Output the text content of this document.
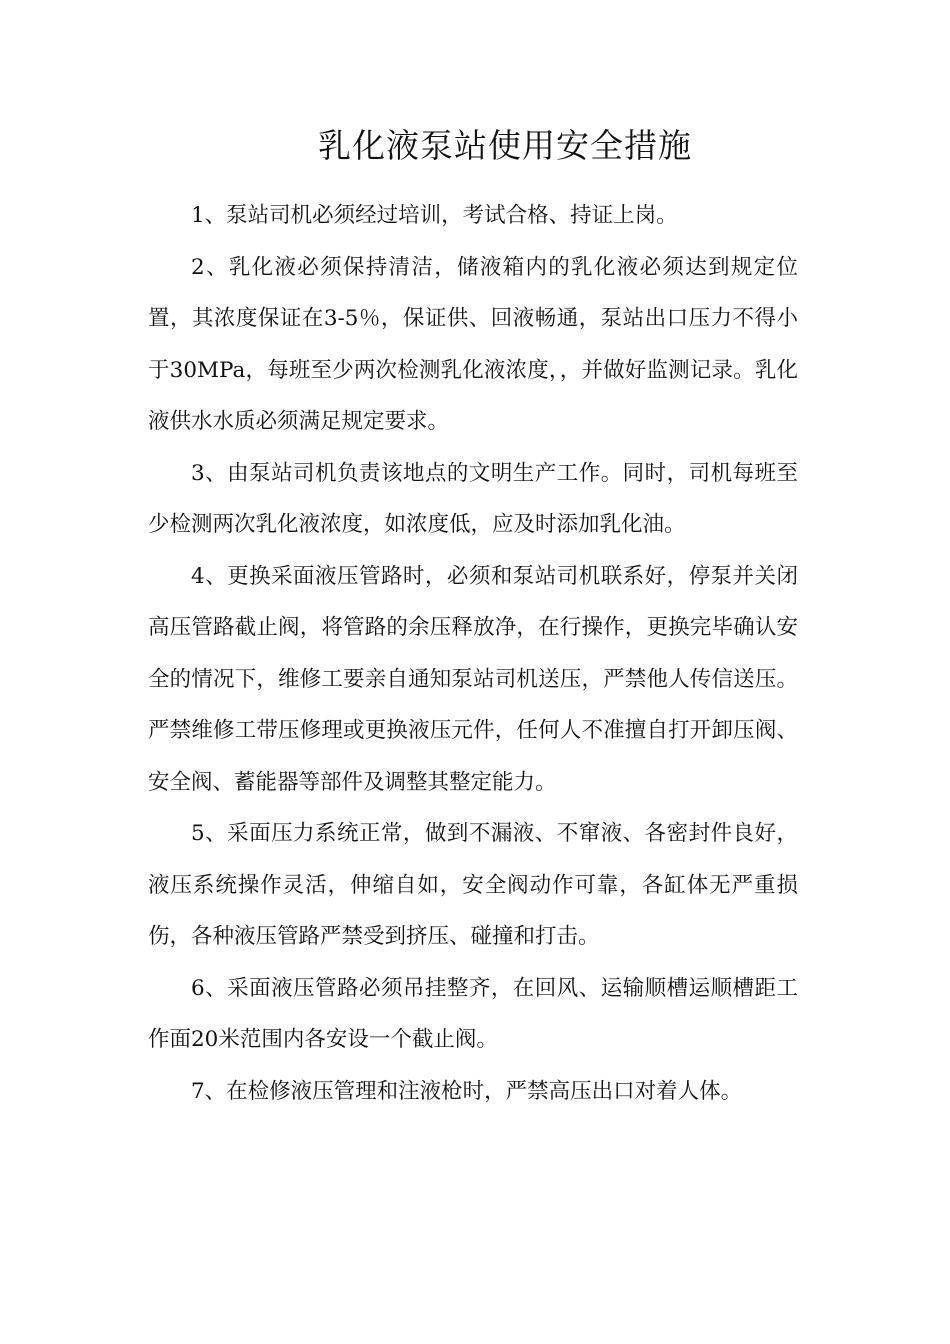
乳化液泵站使用安全措施

1、泵站司机必须经过培训，考试合格、持证上岗。

2、乳化液必须保持清洁，储液箱内的乳化液必须达到规定位置，其浓度保证在3-5％，保证供、回液畅通，泵站出口压力不得小于30MPa，每班至少两次检测乳化液浓度，，并做好监测记录。乳化液供水水质必须满足规定要求。

3、由泵站司机负责该地点的文明生产工作。同时，司机每班至少检测两次乳化液浓度，如浓度低，应及时添加乳化油。

4、更换采面液压管路时，必须和泵站司机联系好，停泵并关闭高压管路截止阀，将管路的余压释放净，在行操作，更换完毕确认安全的情况下，维修工要亲自通知泵站司机送压，严禁他人传信送压。严禁维修工带压修理或更换液压元件，任何人不准擅自打开卸压阀、安全阀、蓄能器等部件及调整其整定能力。

5、采面压力系统正常，做到不漏液、不窜液、各密封件良好，液压系统操作灵活，伸缩自如，安全阀动作可靠，各缸体无严重损伤，各种液压管路严禁受到挤压、碰撞和打击。

6、采面液压管路必须吊挂整齐，在回风、运输顺槽运顺槽距工作面20米范围内各安设一个截止阀。

7、在检修液压管理和注液枪时，严禁高压出口对着人体。
